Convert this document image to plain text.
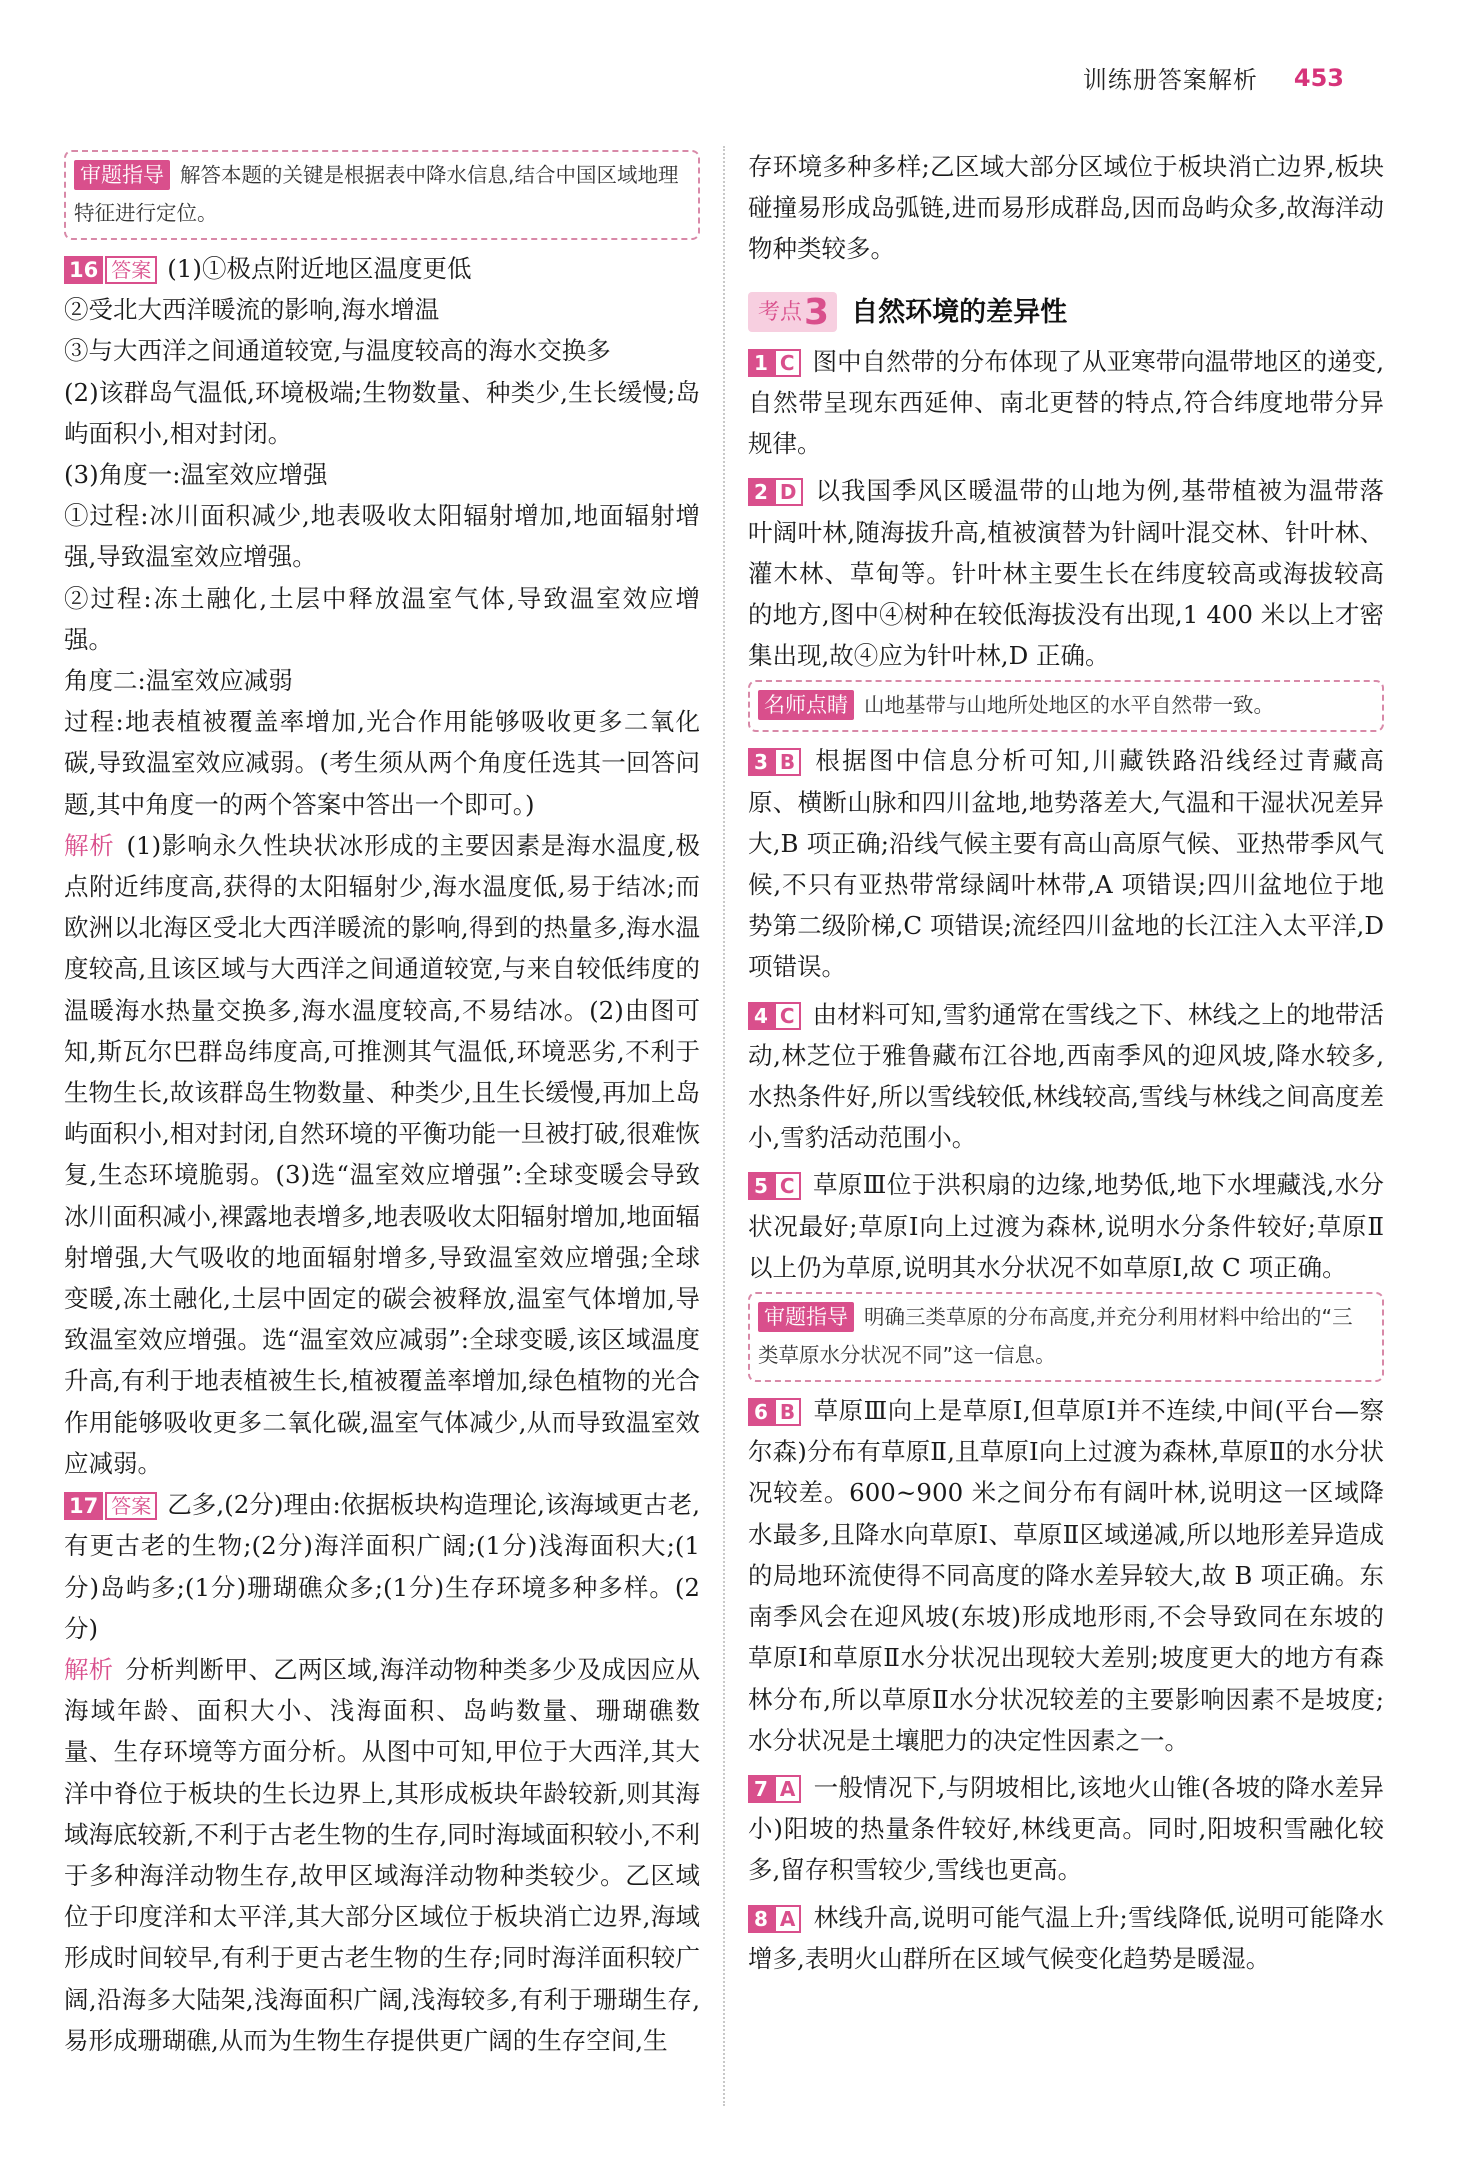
训练册答案解析 453
审题指导 解答本题的关键是根据表中降水信息,结合中国区域地理特征进行定位。

16 答案 (1)①极点附近地区温度更低

②受北大西洋暖流的影响,海水增温

③与大西洋之间通道较宽,与温度较高的海水交换多

(2)该群岛气温低,环境极端;生物数量、种类少,生长缓慢;岛屿面积小,相对封闭。

(3)角度一:温室效应增强

①过程:冰川面积减少,地表吸收太阳辐射增加,地面辐射增强,导致温室效应增强。

②过程:冻土融化,土层中释放温室气体,导致温室效应增强。

角度二:温室效应减弱

过程:地表植被覆盖率增加,光合作用能够吸收更多二氧化碳,导致温室效应减弱。(考生须从两个角度任选其一回答问题,其中角度一的两个答案中答出一个即可。)

解析 (1)影响永久性块状冰形成的主要因素是海水温度,极点附近纬度高,获得的太阳辐射少,海水温度低,易于结冰;而欧洲以北海区受北大西洋暖流的影响,得到的热量多,海水温度较高,且该区域与大西洋之间通道较宽,与来自较低纬度的温暖海水热量交换多,海水温度较高,不易结冰。(2)由图可知,斯瓦尔巴群岛纬度高,可推测其气温低,环境恶劣,不利于生物生长,故该群岛生物数量、种类少,且生长缓慢,再加上岛屿面积小,相对封闭,自然环境的平衡功能一旦被打破,很难恢复,生态环境脆弱。(3)选“温室效应增强”:全球变暖会导致冰川面积减小,裸露地表增多,地表吸收太阳辐射增加,地面辐射增强,大气吸收的地面辐射增多,导致温室效应增强;全球变暖,冻土融化,土层中固定的碳会被释放,温室气体增加,导致温室效应增强。选“温室效应减弱”:全球变暖,该区域温度升高,有利于地表植被生长,植被覆盖率增加,绿色植物的光合作用能够吸收更多二氧化碳,温室气体减少,从而导致温室效应减弱。

17 答案 乙多,(2分)理由:依据板块构造理论,该海域更古老,有更古老的生物;(2分)海洋面积广阔;(1分)浅海面积大;(1分)岛屿多;(1分)珊瑚礁众多;(1分)生存环境多种多样。(2分)

解析 分析判断甲、乙两区域,海洋动物种类多少及成因应从海域年龄、面积大小、浅海面积、岛屿数量、珊瑚礁数量、生存环境等方面分析。从图中可知,甲位于大西洋,其大洋中脊位于板块的生长边界上,其形成板块年龄较新,则其海域海底较新,不利于古老生物的生存,同时海域面积较小,不利于多种海洋动物生存,故甲区域海洋动物种类较少。乙区域位于印度洋和太平洋,其大部分区域位于板块消亡边界,海域形成时间较早,有利于更古老生物的生存;同时海洋面积较广阔,沿海多大陆架,浅海面积广阔,浅海较多,有利于珊瑚生存,易形成珊瑚礁,从而为生物生存提供更广阔的生存空间,生

存环境多种多样;乙区域大部分区域位于板块消亡边界,板块碰撞易形成岛弧链,进而易形成群岛,因而岛屿众多,故海洋动物种类较多。

考点 3 自然环境的差异性

1 C 图中自然带的分布体现了从亚寒带向温带地区的递变,自然带呈现东西延伸、南北更替的特点,符合纬度地带分异规律。

2 D 以我国季风区暖温带的山地为例,基带植被为温带落叶阔叶林,随海拔升高,植被演替为针阔叶混交林、针叶林、灌木林、草甸等。针叶林主要生长在纬度较高或海拔较高的地方,图中④树种在较低海拔没有出现,1 400 米以上才密集出现,故④应为针叶林,D 正确。

名师点睛 山地基带与山地所处地区的水平自然带一致。

3 B 根据图中信息分析可知,川藏铁路沿线经过青藏高原、横断山脉和四川盆地,地势落差大,气温和干湿状况差异大,B 项正确;沿线气候主要有高山高原气候、亚热带季风气候,不只有亚热带常绿阔叶林带,A 项错误;四川盆地位于地势第二级阶梯,C 项错误;流经四川盆地的长江注入太平洋,D 项错误。

4 C 由材料可知,雪豹通常在雪线之下、林线之上的地带活动,林芝位于雅鲁藏布江谷地,西南季风的迎风坡,降水较多,水热条件好,所以雪线较低,林线较高,雪线与林线之间高度差小,雪豹活动范围小。

5 C 草原Ⅲ位于洪积扇的边缘,地势低,地下水埋藏浅,水分状况最好;草原Ⅰ向上过渡为森林,说明水分条件较好;草原Ⅱ以上仍为草原,说明其水分状况不如草原Ⅰ,故 C 项正确。

审题指导 明确三类草原的分布高度,并充分利用材料中给出的“三类草原水分状况不同”这一信息。

6 B 草原Ⅲ向上是草原Ⅰ,但草原Ⅰ并不连续,中间(平台—察尔森)分布有草原Ⅱ,且草原Ⅰ向上过渡为森林,草原Ⅱ的水分状况较差。600~900 米之间分布有阔叶林,说明这一区域降水最多,且降水向草原Ⅰ、草原Ⅱ区域递减,所以地形差异造成的局地环流使得不同高度的降水差异较大,故 B 项正确。东南季风会在迎风坡(东坡)形成地形雨,不会导致同在东坡的草原Ⅰ和草原Ⅱ水分状况出现较大差别;坡度更大的地方有森林分布,所以草原Ⅱ水分状况较差的主要影响因素不是坡度;水分状况是土壤肥力的决定性因素之一。

7 A 一般情况下,与阴坡相比,该地火山锥(各坡的降水差异小)阳坡的热量条件较好,林线更高。同时,阳坡积雪融化较多,留存积雪较少,雪线也更高。

8 A 林线升高,说明可能气温上升;雪线降低,说明可能降水增多,表明火山群所在区域气候变化趋势是暖湿。
